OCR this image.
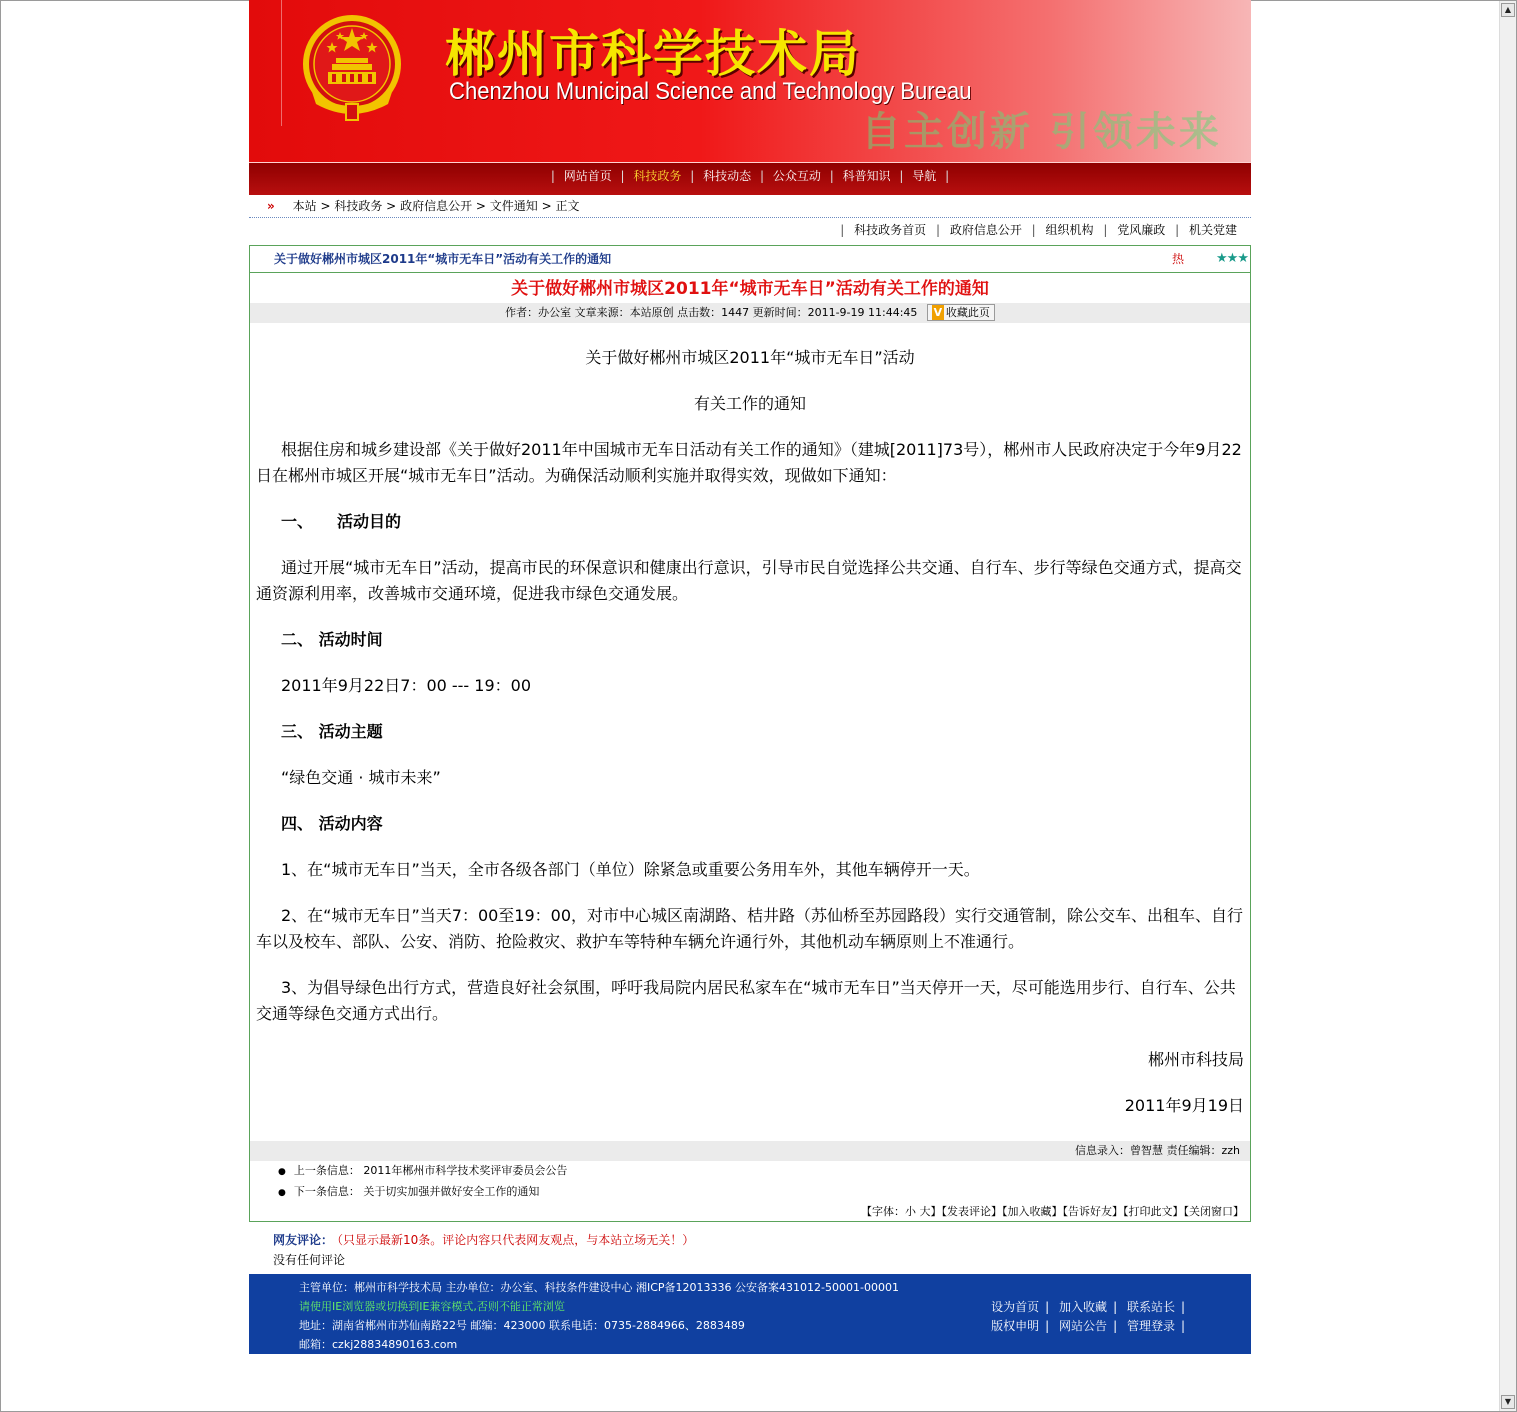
郴州市科学技术局
Chenzhou Municipal Science and Technology Bureau
自主创新 引领未来
| 网站首页 | 科技政务 | 科技动态 | 公众互动 | 科普知识 | 导航 |
» 本站 > 科技政务 > 政府信息公开 > 文件通知 > 正文
| 科技政务首页 | 政府信息公开 | 组织机构 | 党风廉政 | 机关党建
关于做好郴州市城区2011年“城市无车日”活动有关工作的通知	热 ★★★
关于做好郴州市城区2011年“城市无车日”活动有关工作的通知
作者：办公室 文章来源：本站原创 点击数：1447 更新时间：2011-9-19 11:44:45 V 收藏此页

关于做好郴州市城区2011年“城市无车日”活动

有关工作的通知

根据住房和城乡建设部《关于做好2011年中国城市无车日活动有关工作的通知》（建城[2011]73号），郴州市人民政府决定于今年9月22日在郴州市城区开展“城市无车日”活动。为确保活动顺利实施并取得实效，现做如下通知：

一、　　活动目的

通过开展“城市无车日”活动，提高市民的环保意识和健康出行意识，引导市民自觉选择公共交通、自行车、步行等绿色交通方式，提高交通资源利用率，改善城市交通环境，促进我市绿色交通发展。

二、 活动时间

2011年9月22日7：00 --- 19：00

三、 活动主题

“绿色交通 · 城市未来”

四、 活动内容

1、在“城市无车日”当天，全市各级各部门（单位）除紧急或重要公务用车外，其他车辆停开一天。

2、在“城市无车日”当天7：00至19：00，对市中心城区南湖路、桔井路（苏仙桥至苏园路段）实行交通管制，除公交车、出租车、自行车以及校车、部队、公安、消防、抢险救灾、救护车等特种车辆允许通行外，其他机动车辆原则上不准通行。

3、为倡导绿色出行方式，营造良好社会氛围，呼吁我局院内居民私家车在“城市无车日”当天停开一天，尽可能选用步行、自行车、公共交通等绿色交通方式出行。

郴州市科技局

2011年9月19日

信息录入：曾智慧 责任编辑：zzh
● 上一条信息： 2011年郴州市科学技术奖评审委员会公告
● 下一条信息： 关于切实加强并做好安全工作的通知
【字体：小 大】【发表评论】【加入收藏】【告诉好友】【打印此文】【关闭窗口】
网友评论： （只显示最新10条。评论内容只代表网友观点，与本站立场无关！）
没有任何评论
主管单位：郴州市科学技术局 主办单位：办公室、科技条件建设中心 湘ICP备12013336 公安备案431012-50001-00001
请使用IE浏览器或切换到IE兼容模式,否则不能正常浏览
地址：湖南省郴州市苏仙南路22号 邮编：423000 联系电话：0735-2884966、2883489
邮箱：czkj28834890163.com
设为首页 | 加入收藏 | 联系站长 |
版权申明 | 网站公告 | 管理登录 |
▲
▼
